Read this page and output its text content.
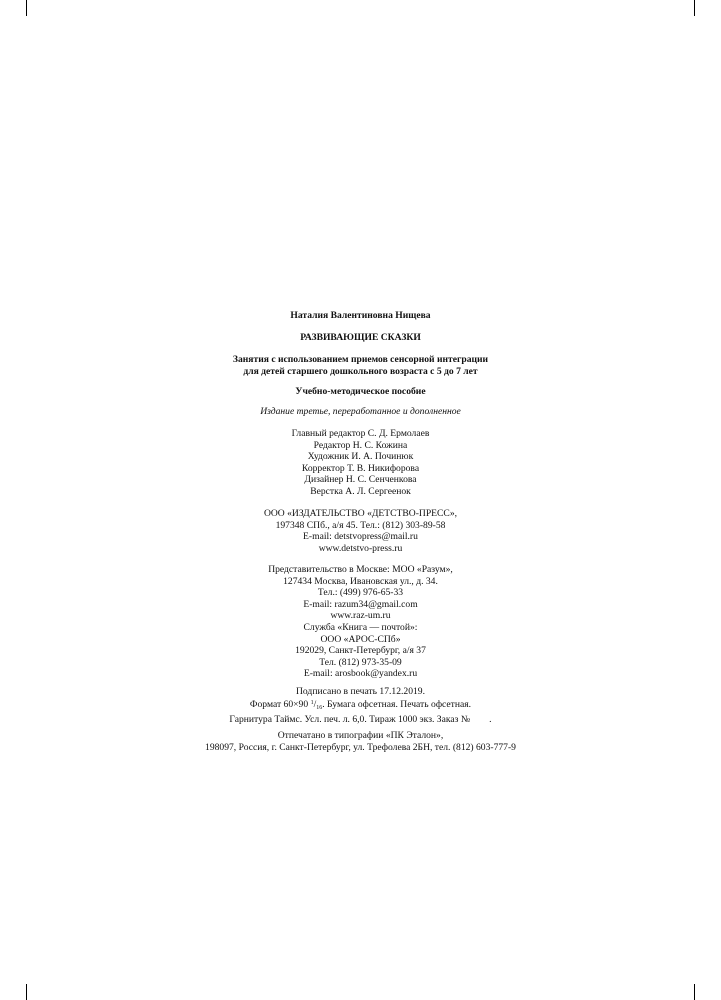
Наталия Валентиновна Нищева
РАЗВИВАЮЩИЕ СКАЗКИ
Занятия с использованием приемов сенсорной интеграции
для детей старшего дошкольного возраста с 5 до 7 лет
Учебно-методическое пособие
Издание третье, переработанное и дополненное
Главный редактор С. Д. Ермолаев
Редактор Н. С. Кожина
Художник И. А. Починюк
Корректор Т. В. Никифорова
Дизайнер Н. С. Сенченкова
Верстка А. Л. Сергеенок
ООО «ИЗДАТЕЛЬСТВО «ДЕТСТВО-ПРЕСС»,
197348 СПб., а/я 45. Тел.: (812) 303-89-58
E-mail: detstvopress@mail.ru
www.detstvo-press.ru
Представительство в Москве: МОО «Разум»,
127434 Москва, Ивановская ул., д. 34.
Тел.: (499) 976-65-33
E-mail: razum34@gmail.com
www.raz-um.ru
Служба «Книга — почтой»:
ООО «АРОС-СПб»
192029, Санкт-Петербург, а/я 37
Тел. (812) 973-35-09
E-mail: arosbook@yandex.ru
Подписано в печать 17.12.2019.
Формат 60×90 $^1/_{16}$. Бумага офсетная. Печать офсетная.
Гарнитура Таймс. Усл. печ. л. 6,0. Тираж 1000 экз. Заказ №        .
Отпечатано в типографии «ПК Эталон»,
198097, Россия, г. Санкт-Петербург, ул. Трефолева 2БН, тел. (812) 603-777-9
